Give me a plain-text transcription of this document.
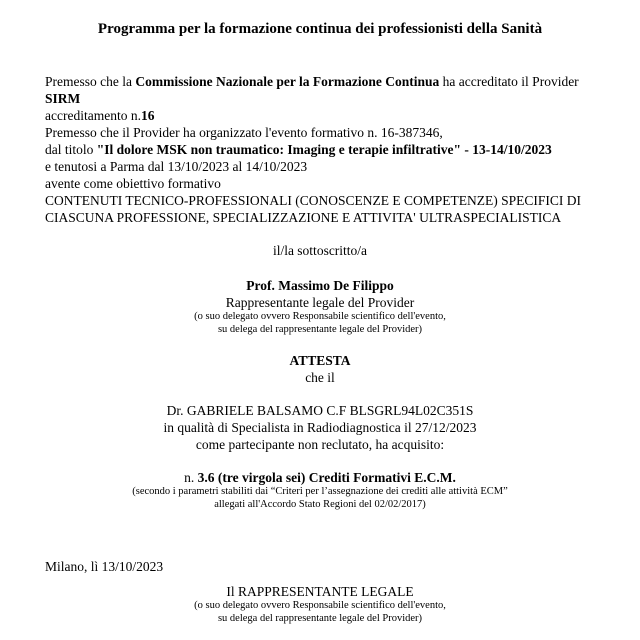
Programma per la formazione continua dei professionisti della Sanità
Premesso che la Commissione Nazionale per la Formazione Continua ha accreditato il Provider
SIRM
accreditamento n.16
Premesso che il Provider ha organizzato l'evento formativo n. 16-387346,
dal titolo "Il dolore MSK non traumatico: Imaging e terapie infiltrative" - 13-14/10/2023
e tenutosi a Parma dal 13/10/2023 al 14/10/2023
avente come obiettivo formativo
CONTENUTI TECNICO-PROFESSIONALI (CONOSCENZE E COMPETENZE) SPECIFICI DI CIASCUNA PROFESSIONE, SPECIALIZZAZIONE E ATTIVITA' ULTRASPECIALISTICA
il/la sottoscritto/a
Prof. Massimo De Filippo
Rappresentante legale del Provider
(o suo delegato ovvero Responsabile scientifico dell'evento,
su delega del rappresentante legale del Provider)
ATTESTA
che il
Dr. GABRIELE BALSAMO C.F BLSGRL94L02C351S
in qualità di Specialista in Radiodiagnostica il 27/12/2023
come partecipante non reclutato, ha acquisito:
n. 3.6 (tre virgola sei) Crediti Formativi E.C.M.
(secondo i parametri stabiliti dai “Criteri per l’assegnazione dei crediti alle attività ECM”
allegati all'Accordo Stato Regioni del 02/02/2017)
Milano, lì 13/10/2023
Il RAPPRESENTANTE LEGALE
(o suo delegato ovvero Responsabile scientifico dell'evento,
su delega del rappresentante legale del Provider)
